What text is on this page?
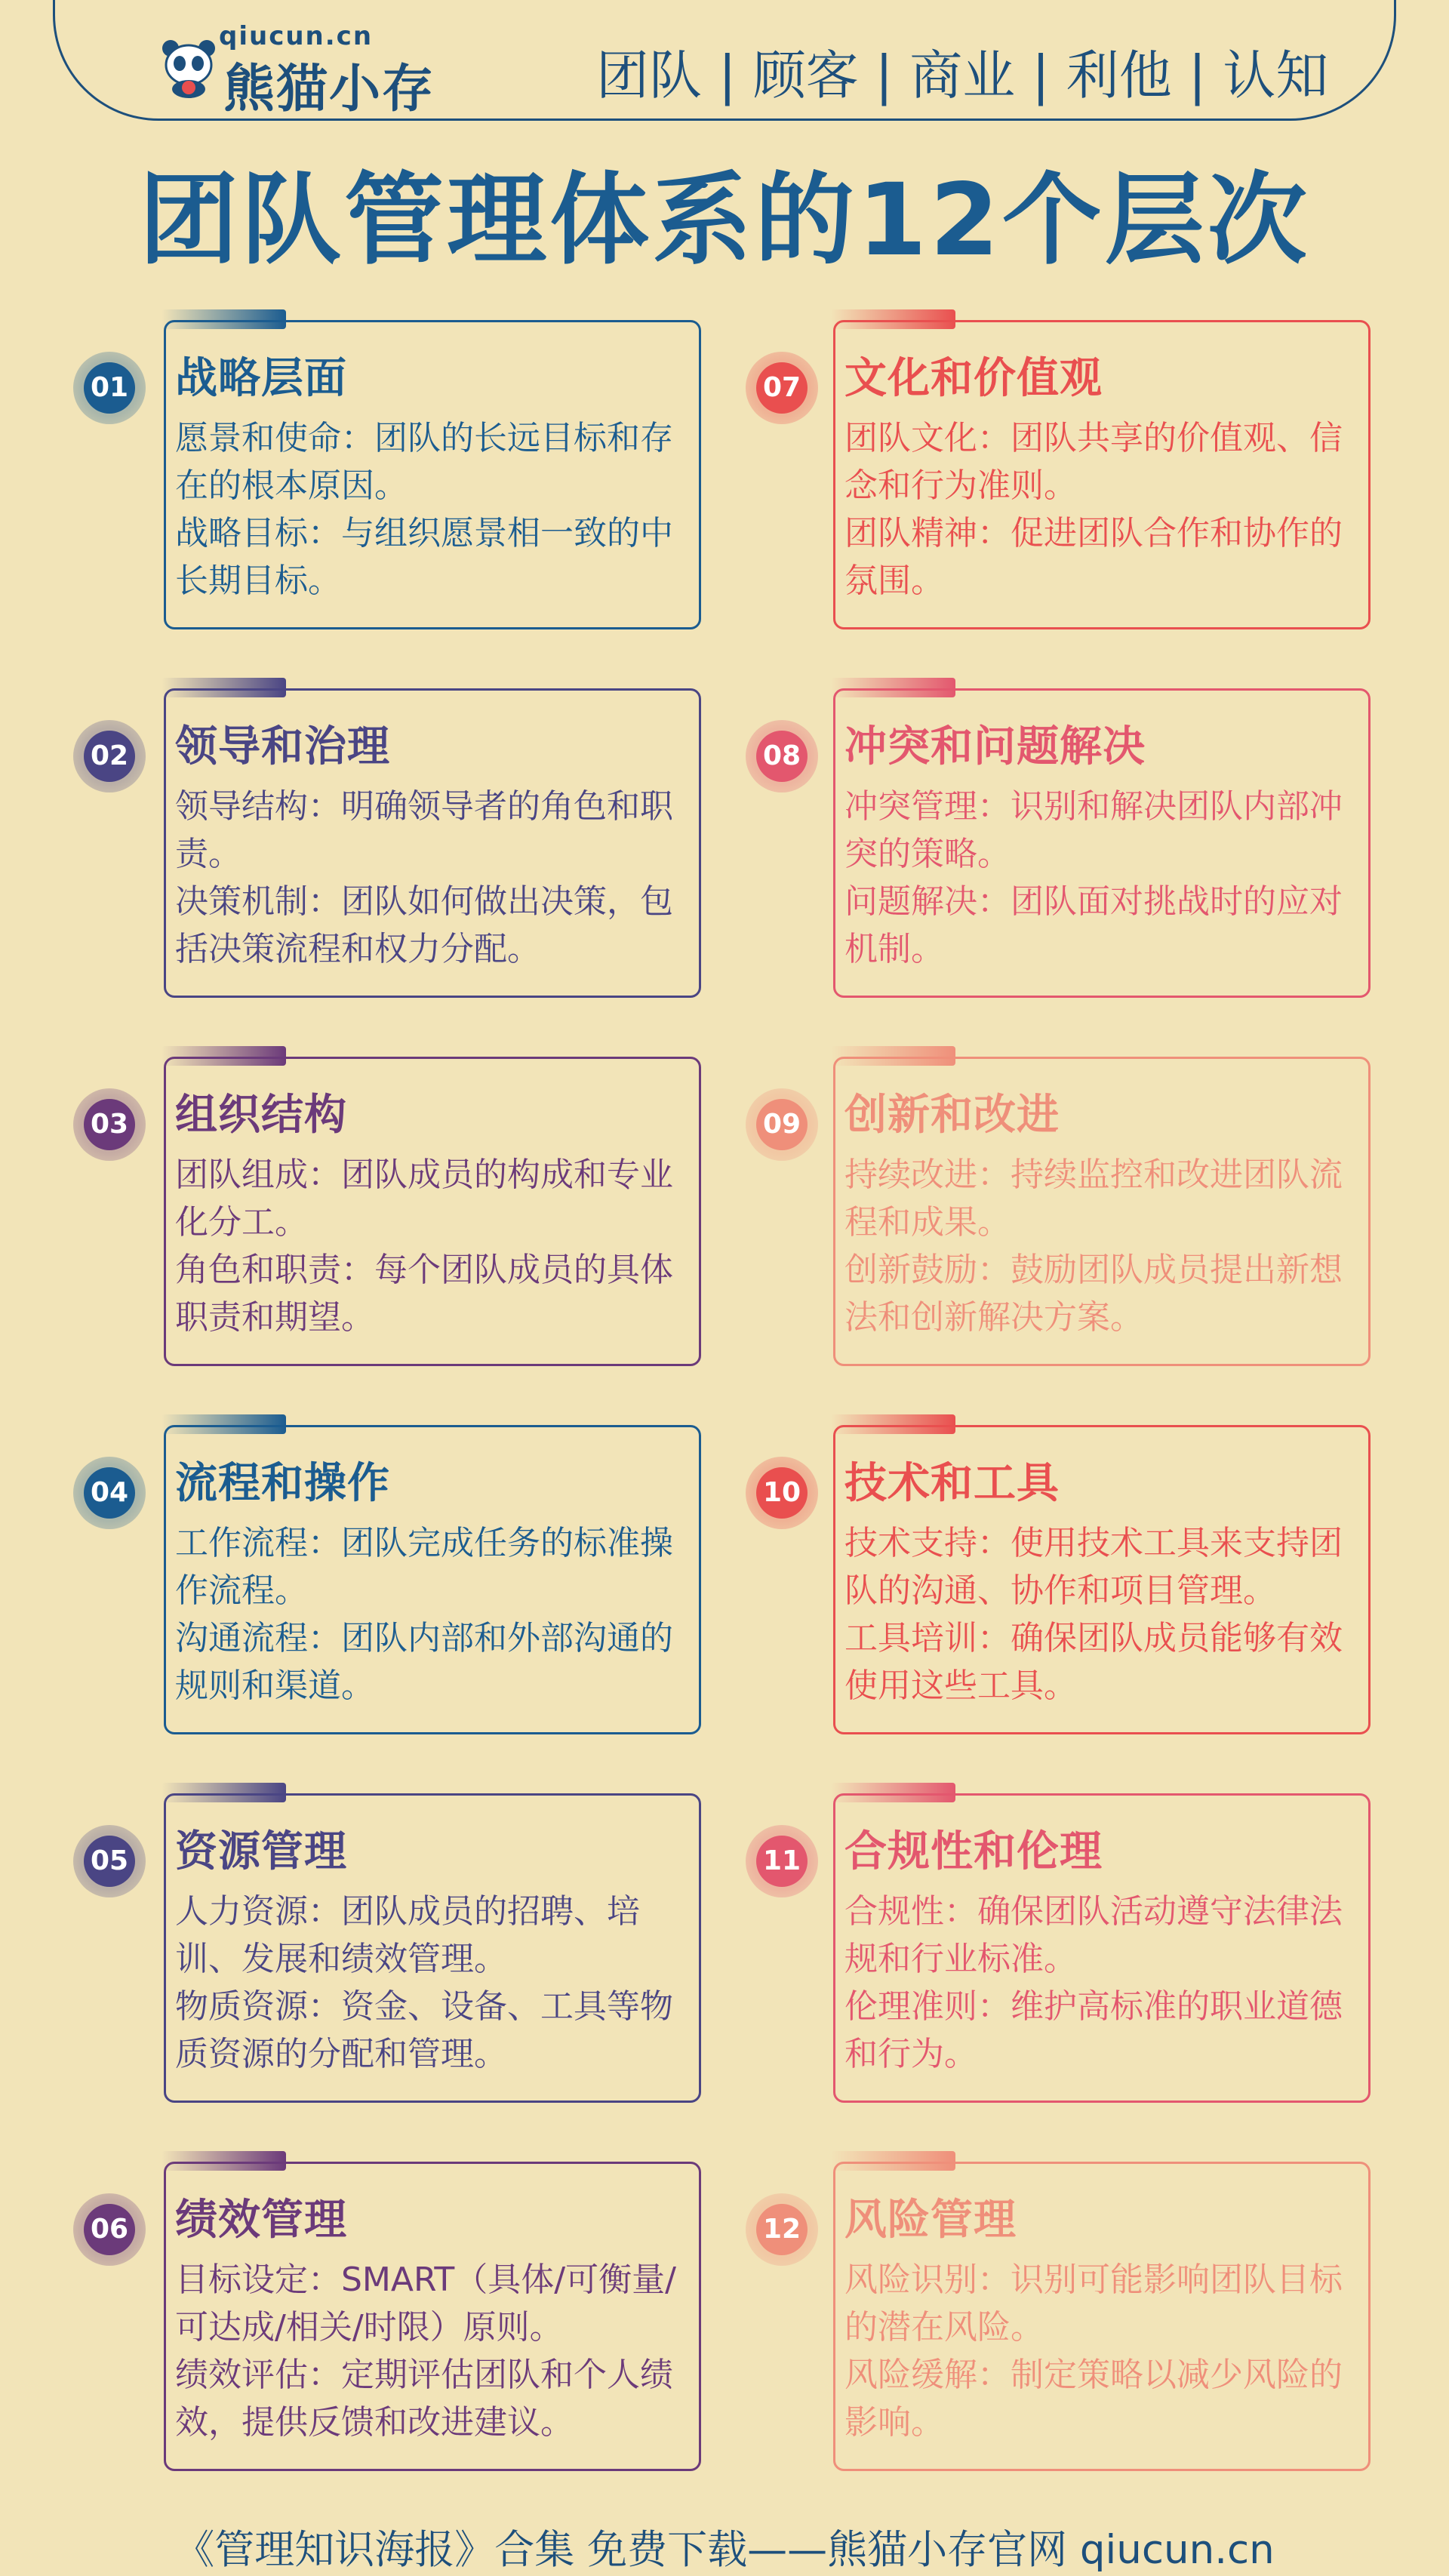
qiucun.cn
熊猫小存	团队 | 顾客 | 商业 | 利他 | 认知
团队管理体系的12个层次
01 战略层面

愿景和使命：团队的长远目标和存在的根本原因。

战略目标：与组织愿景相一致的中长期目标。

02 领导和治理

领导结构：明确领导者的角色和职责。

决策机制：团队如何做出决策，包括决策流程和权力分配。

03 组织结构

团队组成：团队成员的构成和专业化分工。

角色和职责：每个团队成员的具体职责和期望。

04 流程和操作

工作流程：团队完成任务的标准操作流程。

沟通流程：团队内部和外部沟通的规则和渠道。

05 资源管理

人力资源：团队成员的招聘、培训、发展和绩效管理。

物质资源：资金、设备、工具等物质资源的分配和管理。

06 绩效管理

目标设定：SMART（具体/可衡量/可达成/相关/时限）原则。

绩效评估：定期评估团队和个人绩效，提供反馈和改进建议。

07 文化和价值观

团队文化：团队共享的价值观、信念和行为准则。

团队精神：促进团队合作和协作的氛围。

08 冲突和问题解决

冲突管理：识别和解决团队内部冲突的策略。

问题解决：团队面对挑战时的应对机制。

09 创新和改进

持续改进：持续监控和改进团队流程和成果。

创新鼓励：鼓励团队成员提出新想法和创新解决方案。

10 技术和工具

技术支持：使用技术工具来支持团队的沟通、协作和项目管理。

工具培训：确保团队成员能够有效使用这些工具。

11 合规性和伦理

合规性：确保团队活动遵守法律法规和行业标准。

伦理准则：维护高标准的职业道德和行为。

12 风险管理

风险识别：识别可能影响团队目标的潜在风险。

风险缓解：制定策略以减少风险的影响。

《管理知识海报》合集 免费下载——熊猫小存官网 qiucun.cn
